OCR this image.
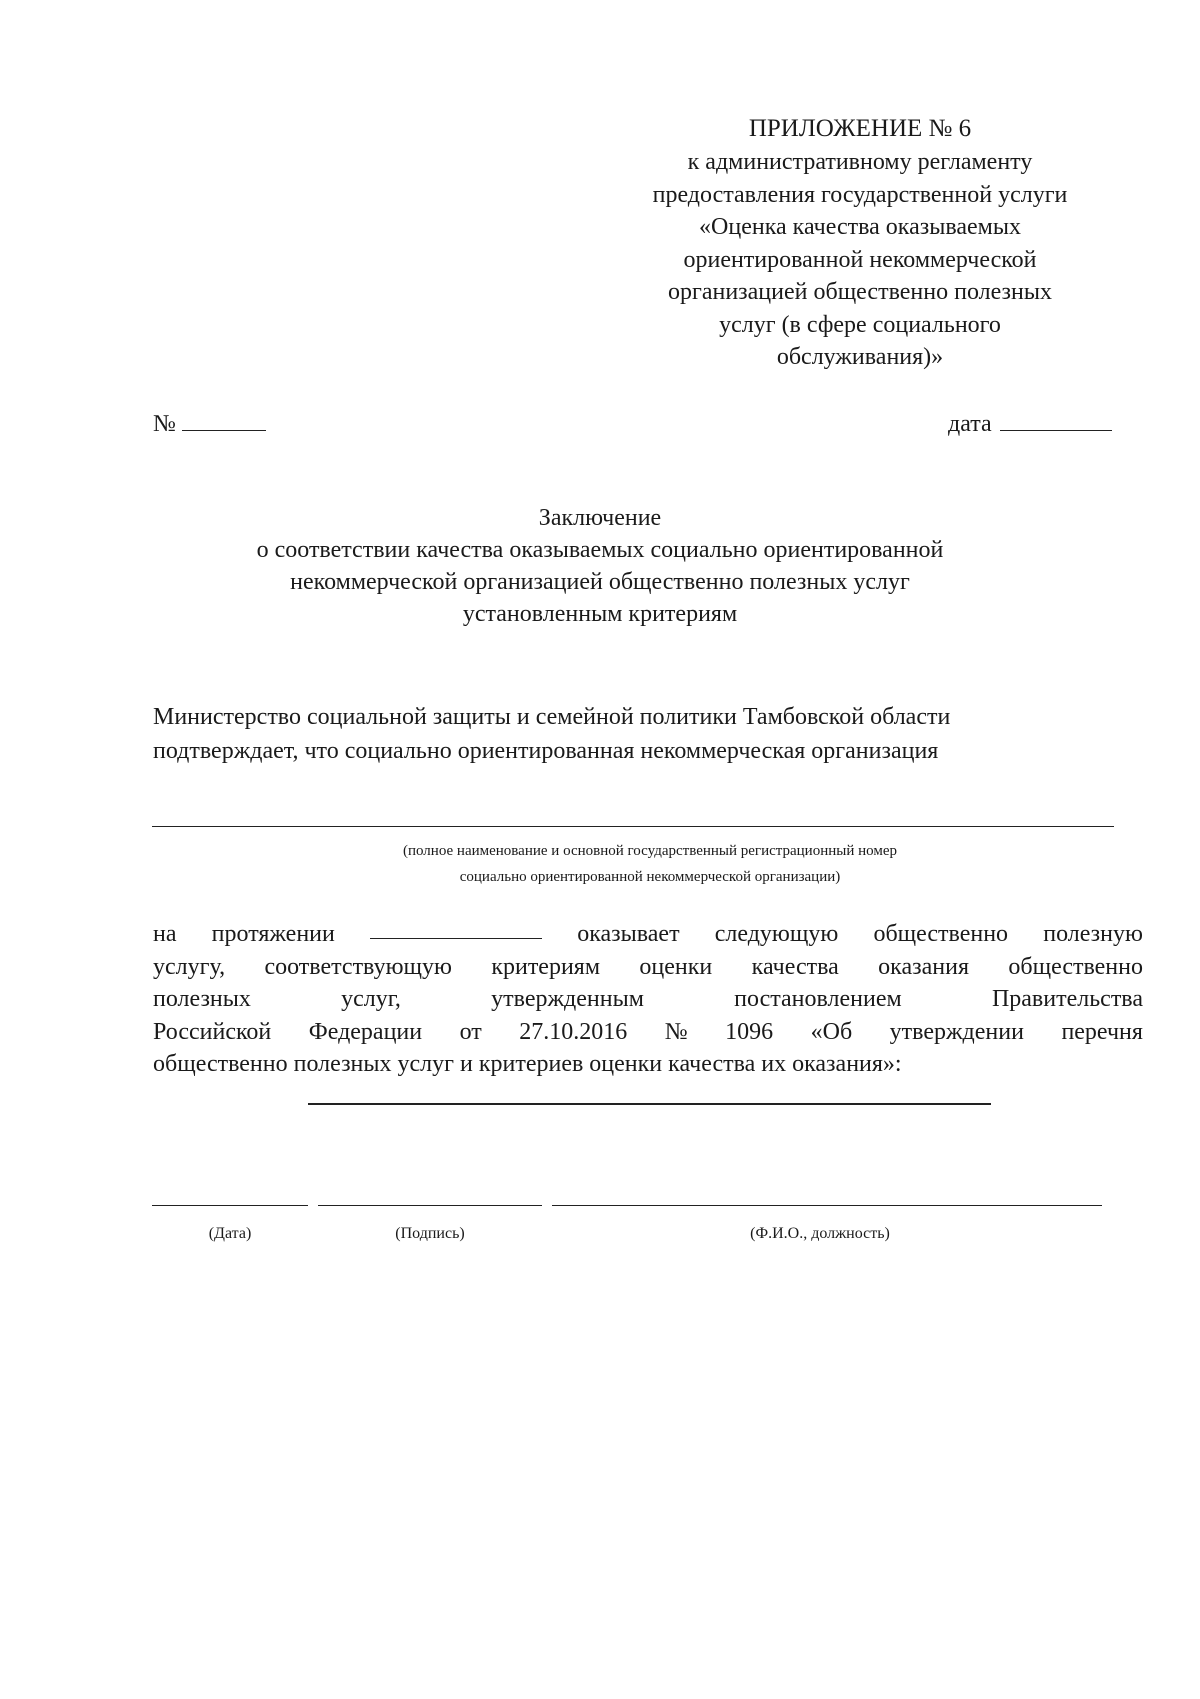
ПРИЛОЖЕНИЕ № 6
к административному регламенту
предоставления государственной услуги
«Оценка качества оказываемых
ориентированной некоммерческой
организацией общественно полезных
услуг (в сфере социального
обслуживания)»
№	дата
Заключение
о соответствии качества оказываемых социально ориентированной
некоммерческой организацией общественно полезных услуг
установленным критериям
Министерство социальной защиты и семейной политики Тамбовской области
подтверждает, что социально ориентированная некоммерческая организация
(полное наименование и основной государственный регистрационный номер
социально ориентированной некоммерческой организации)
на протяжении	оказывает следующую общественно полезную
услугу, соответствующую критериям оценки качества оказания общественно
полезных	услуг,	утвержденным	постановлением	Правительства
Российской Федерации от 27.10.2016 № 1096 «Об утверждении перечня
общественно полезных услуг и критериев оценки качества их оказания»:
(Дата)	(Подпись)	(Ф.И.О., должность)
